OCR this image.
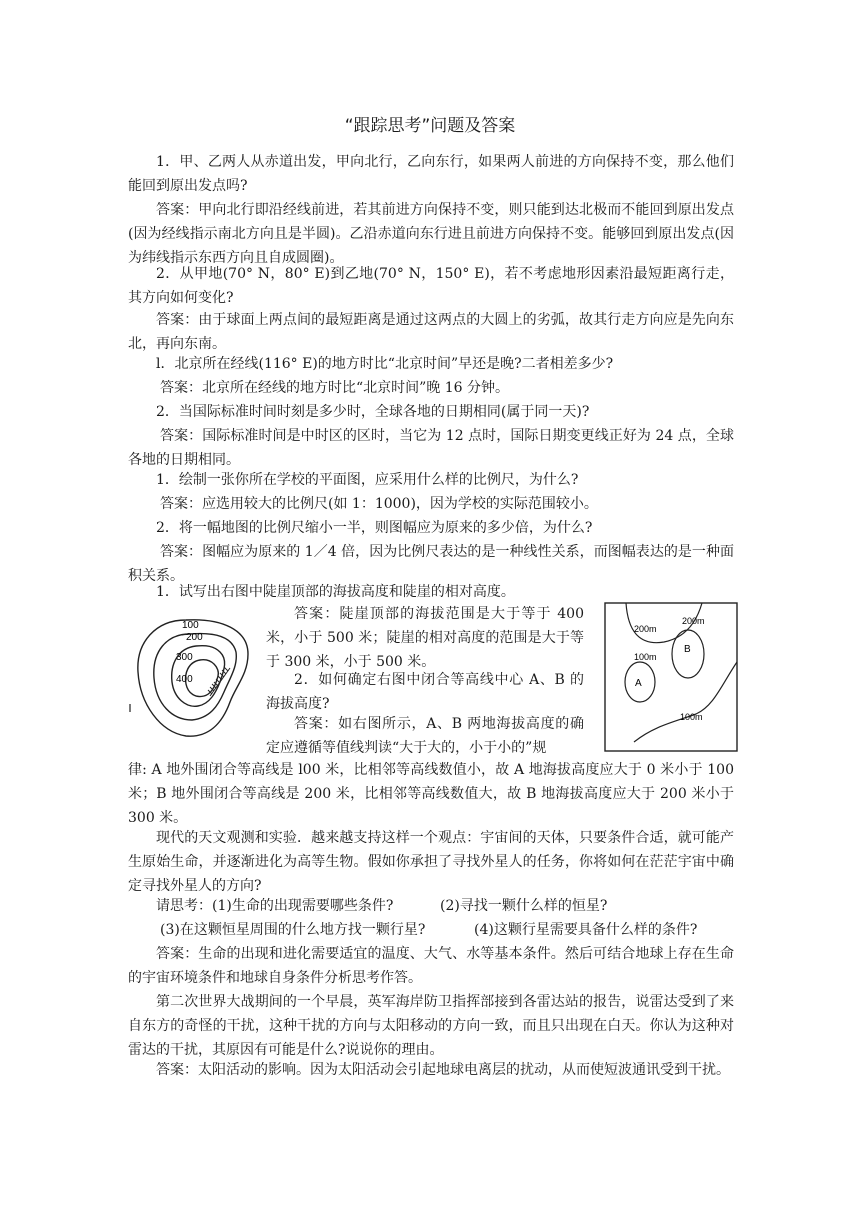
“跟踪思考”问题及答案

1．甲、乙两人从赤道出发，甲向北行，乙向东行，如果两人前进的方向保持不变，那么他们能回到原出发点吗?

答案：甲向北行即沿经线前进，若其前进方向保持不变，则只能到达北极而不能回到原出发点(因为经线指示南北方向且是半圆)。乙沿赤道向东行进且前进方向保持不变。能够回到原出发点(因为纬线指示东西方向且自成圆圈)。

2．从甲地(70° N，80° E)到乙地(70° N，150° E)，若不考虑地形因素沿最短距离行走，其方向如何变化?

答案：由于球面上两点间的最短距离是通过这两点的大圆上的劣弧，故其行走方向应是先向东北，再向东南。

l．北京所在经线(116° E)的地方时比“北京时间”早还是晚?二者相差多少?

答案：北京所在经线的地方时比“北京时间”晚 16 分钟。

2．当国际标准时间时刻是多少时，全球各地的日期相同(属于同一天)?

答案：国际标准时间是中时区的区时，当它为 12 点时，国际日期变更线正好为 24 点，全球各地的日期相同。

1．绘制一张你所在学校的平面图，应采用什么样的比例尺，为什么?

答案：应选用较大的比例尺(如 1：1000)，因为学校的实际范围较小。

2．将一幅地图的比例尺缩小一半，则图幅应为原来的多少倍，为什么?

答案：图幅应为原来的 1／4 倍，因为比例尺表达的是一种线性关系，而图幅表达的是一种面积关系。

1．试写出右图中陡崖顶部的海拔高度和陡崖的相对高度。

100
200
300
400
200m
200m
100m
100m
A
B

答案：陡崖顶部的海拔范围是大于等于 400 米，小于 500 米；陡崖的相对高度的范围是大于等于 300 米，小于 500 米。

2．如何确定右图中闭合等高线中心 A、B 的海拔高度?

答案：如右图所示，A、B 两地海拔高度的确定应遵循等值线判读“大于大的，小于小的”规

律: A 地外围闭合等高线是 l00 米，比相邻等高线数值小，故 A 地海拔高度应大于 0 米小于 100 米；B 地外围闭合等高线是 200 米，比相邻等高线数值大，故 B 地海拔高度应大于 200 米小于 300 米。

现代的天文观测和实验．越来越支持这样一个观点：宇宙间的天体，只要条件合适，就可能产生原始生命，并逐渐进化为高等生物。假如你承担了寻找外星人的任务，你将如何在茫茫宇宙中确定寻找外星人的方向?

请思考：(1)生命的出现需要哪些条件?	(2)寻找一颗什么样的恒星?

(3)在这颗恒星周围的什么地方找一颗行星?	(4)这颗行星需要具备什么样的条件?

答案：生命的出现和进化需要适宜的温度、大气、水等基本条件。然后可结合地球上存在生命的宇宙环境条件和地球自身条件分析思考作答。

第二次世界大战期间的一个早晨，英军海岸防卫指挥部接到各雷达站的报告，说雷达受到了来自东方的奇怪的干扰，这种干扰的方向与太阳移动的方向一致，而且只出现在白天。你认为这种对雷达的干扰，其原因有可能是什么?说说你的理由。

答案：太阳活动的影响。因为太阳活动会引起地球电离层的扰动，从而使短波通讯受到干扰。
